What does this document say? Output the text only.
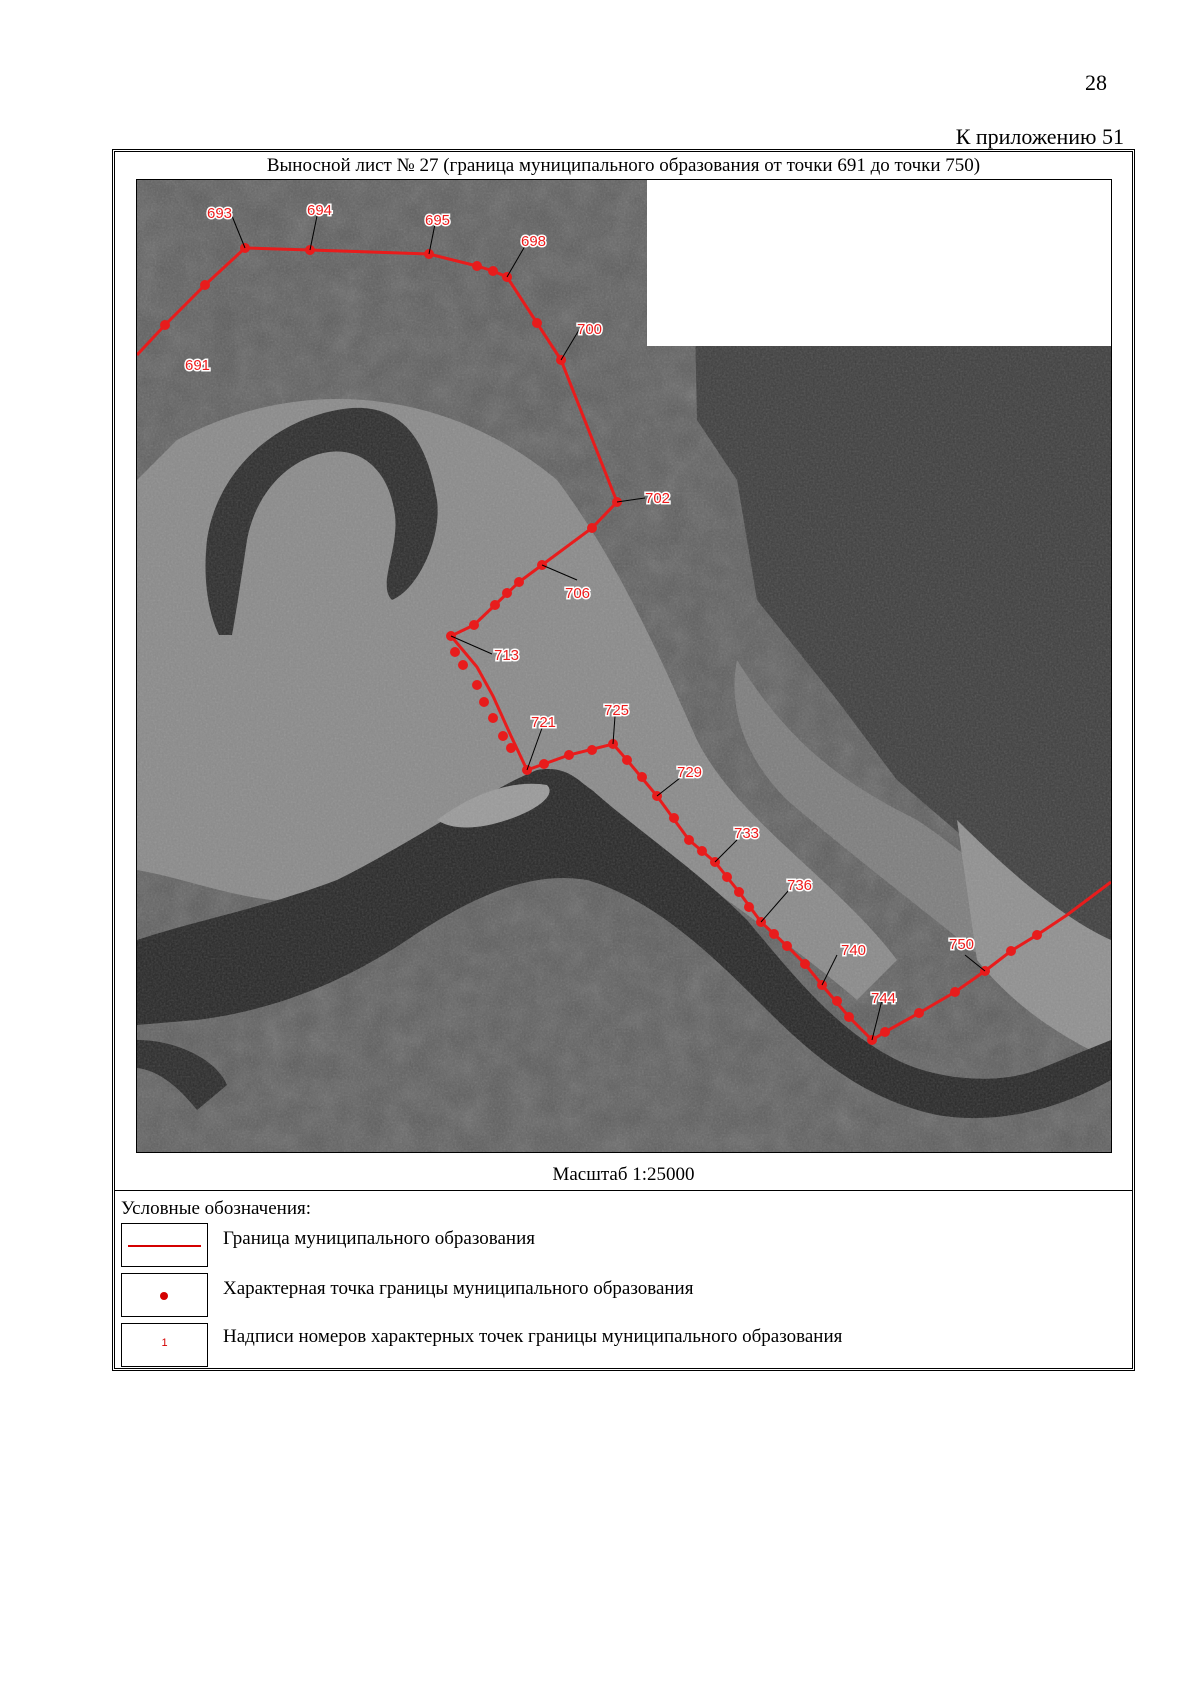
28
К приложению 51
Выносной лист № 27 (граница муниципального образования от точки 691 до точки 750)
691
693	694
695
698
700
702
706
713
721
725
729
733
736
740
744
750
Масштаб 1:25000
Условные обозначения:
Граница муниципального образования
Характерная точка границы муниципального образования
1	Надписи номеров характерных точек границы муниципального образования
